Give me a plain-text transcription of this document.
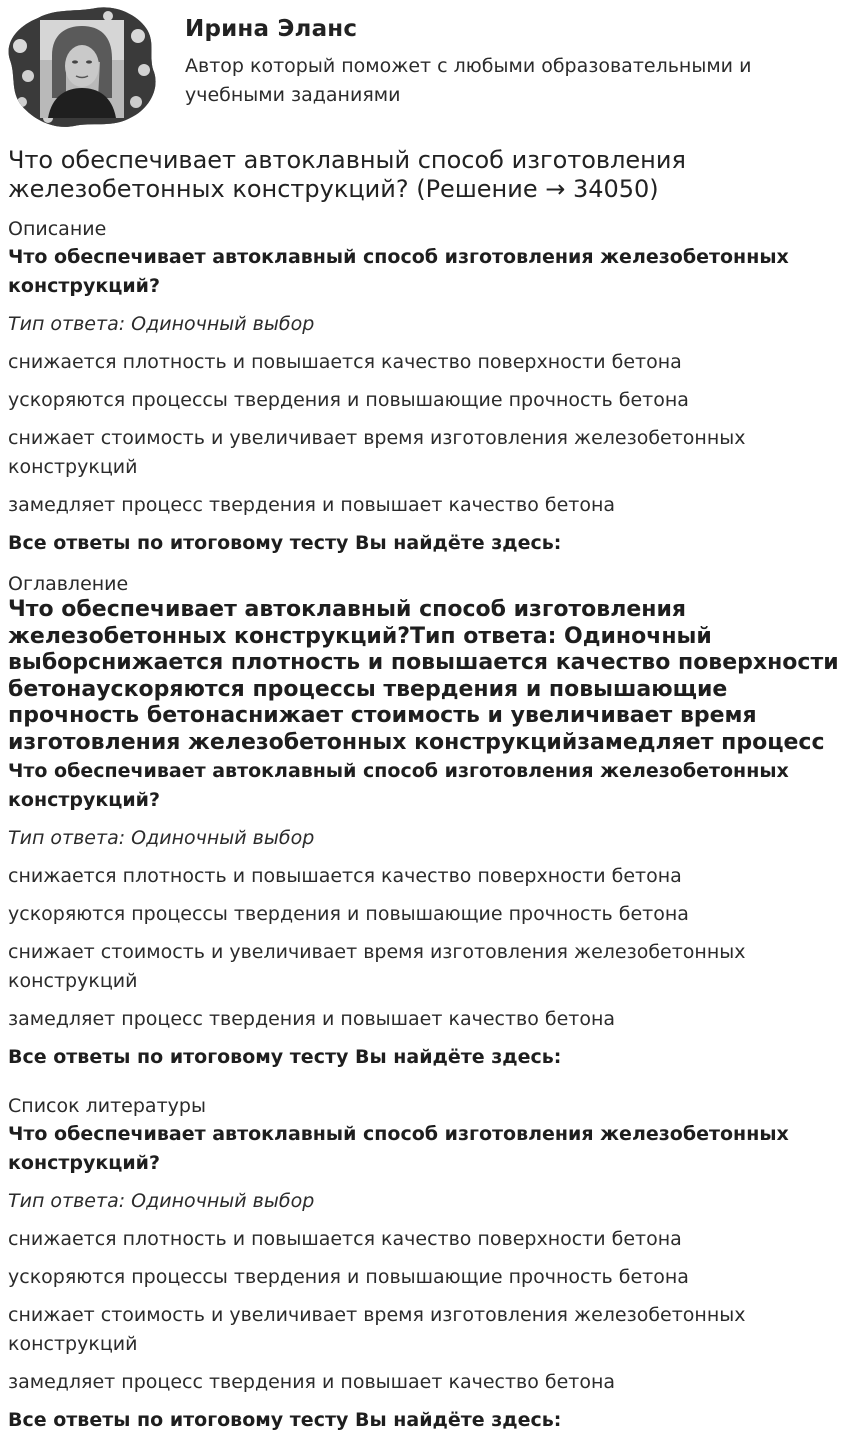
Ирина Эланс
Автор который поможет с любыми образовательными и учебными заданиями
Что обеспечивает автоклавный способ изготовления железобетонных конструкций? (Решение → 34050)
Описание
Что обеспечивает автоклавный способ изготовления железобетонных конструкций?
Тип ответа: Одиночный выбор
снижается плотность и повышается качество поверхности бетона
ускоряются процессы твердения и повышающие прочность бетона
снижает стоимость и увеличивает время изготовления железобетонных конструкций
замедляет процесс твердения и повышает качество бетона
Все ответы по итоговому тесту Вы найдёте здесь:
Оглавление
Что обеспечивает автоклавный способ изготовления железобетонных конструкций?Тип ответа: Одиночный выборснижается плотность и повышается качество поверхности бетонаускоряются процессы твердения и повышающие прочность бетонаснижает стоимость и увеличивает время изготовления железобетонных конструкцийзамедляет процесс
Что обеспечивает автоклавный способ изготовления железобетонных конструкций?
Тип ответа: Одиночный выбор
снижается плотность и повышается качество поверхности бетона
ускоряются процессы твердения и повышающие прочность бетона
снижает стоимость и увеличивает время изготовления железобетонных конструкций
замедляет процесс твердения и повышает качество бетона
Все ответы по итоговому тесту Вы найдёте здесь:
Список литературы
Что обеспечивает автоклавный способ изготовления железобетонных конструкций?
Тип ответа: Одиночный выбор
снижается плотность и повышается качество поверхности бетона
ускоряются процессы твердения и повышающие прочность бетона
снижает стоимость и увеличивает время изготовления железобетонных конструкций
замедляет процесс твердения и повышает качество бетона
Все ответы по итоговому тесту Вы найдёте здесь:
